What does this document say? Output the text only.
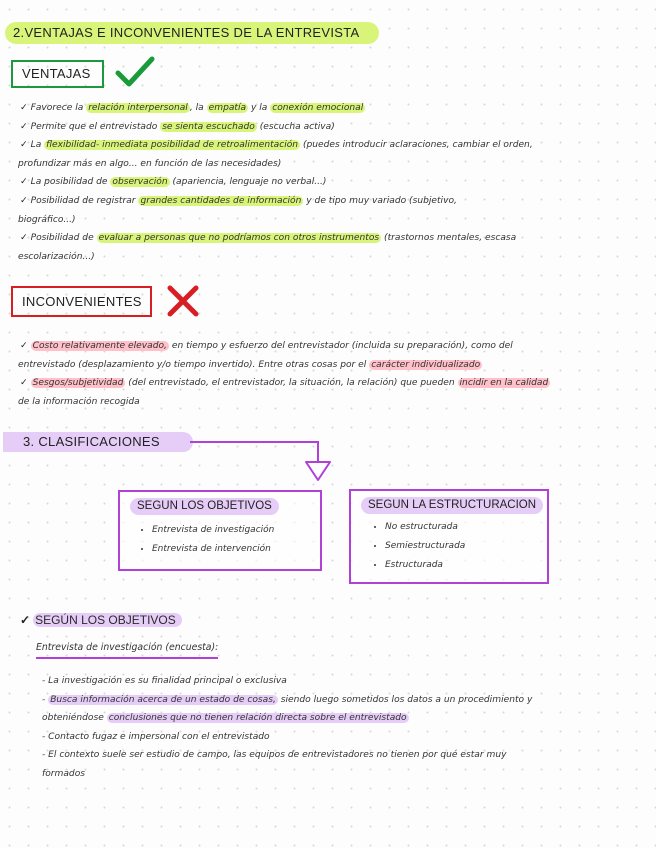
2.VENTAJAS E INCONVENIENTES DE LA ENTREVISTA
VENTAJAS

✓ Favorece la relación interpersonal , la empatía y la conexión emocional

✓ Permite que el entrevistado se sienta escuchado (escucha activa)

✓ La flexibilidad- inmediata posibilidad de retroalimentación (puedes introducir aclaraciones, cambiar el orden,

profundizar más en algo... en función de las necesidades)

✓ La posibilidad de observación (apariencia, lenguaje no verbal...)

✓ Posibilidad de registrar grandes cantidades de información y de tipo muy variado (subjetivo,

biográfico...)

✓ Posibilidad de evaluar a personas que no podríamos con otros instrumentos (trastornos mentales, escasa

escolarización...)

INCONVENIENTES

✓ Costo relativamente elevado, en tiempo y esfuerzo del entrevistador (incluida su preparación), como del

entrevistado (desplazamiento y/o tiempo invertido). Entre otras cosas por el carácter individualizado

✓ Sesgos/subjetividad (del entrevistado, el entrevistador, la situación, la relación) que pueden incidir en la calidad

de la información recogida

3. CLASIFICACIONES
SEGUN LOS OBJETIVOS
• Entrevista de investigación
• Entrevista de intervención
SEGUN LA ESTRUCTURACION
• No estructurada
• Semiestructurada
• Estructurada
✓ SEGÚN LOS OBJETIVOS
Entrevista de investigación (encuesta):

- La investigación es su finalidad principal o exclusiva

- Busca información acerca de un estado de cosas, siendo luego sometidos los datos a un procedimiento y

obteniéndose conclusiones que no tienen relación directa sobre el entrevistado

- Contacto fugaz e impersonal con el entrevistado

- El contexto suele ser estudio de campo, las equipos de entrevistadores no tienen por qué estar muy

formados
